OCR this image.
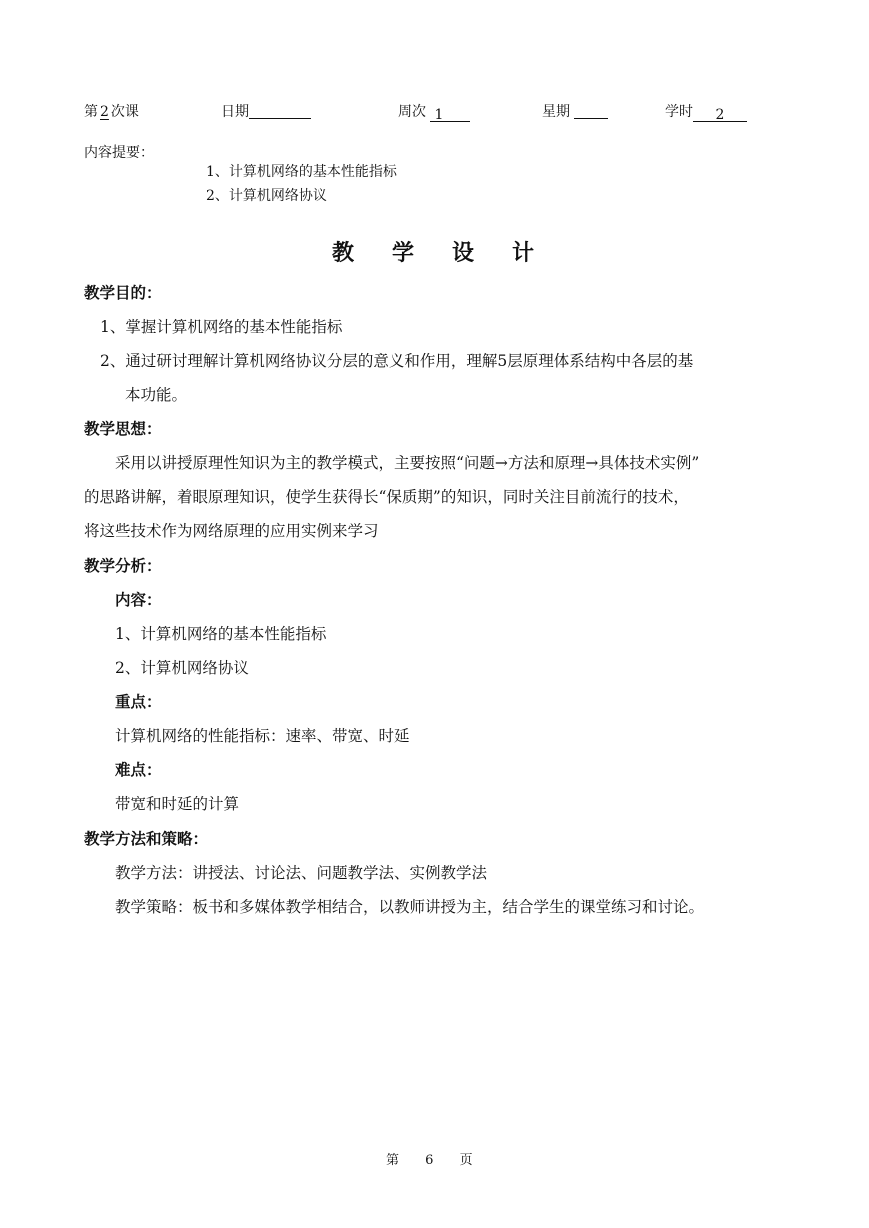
第 2 次课	日期	周次 1	星期	学时 2
内容提要：
1、计算机网络的基本性能指标
2、计算机网络协议
教 学 设 计
教学目的：
1、掌握计算机网络的基本性能指标
2、通过研讨理解计算机网络协议分层的意义和作用，理解5层原理体系结构中各层的基
本功能。
教学思想：
采用以讲授原理性知识为主的教学模式，主要按照“问题→方法和原理→具体技术实例”
的思路讲解，着眼原理知识，使学生获得长“保质期”的知识，同时关注目前流行的技术，
将这些技术作为网络原理的应用实例来学习
教学分析：
内容：
1、计算机网络的基本性能指标
2、计算机网络协议
重点：
计算机网络的性能指标：速率、带宽、时延
难点：
带宽和时延的计算
教学方法和策略：
教学方法：讲授法、讨论法、问题教学法、实例教学法
教学策略：板书和多媒体教学相结合，以教师讲授为主，结合学生的课堂练习和讨论。
第 6 页
